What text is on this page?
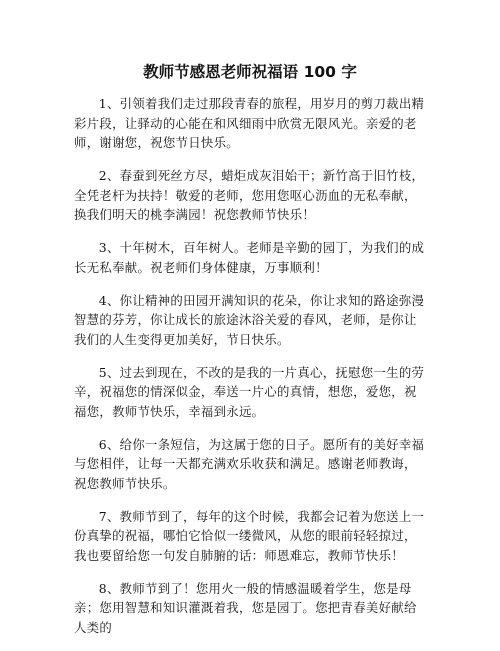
教师节感恩老师祝福语 100 字

1、引领着我们走过那段青春的旅程，用岁月的剪刀裁出精彩片段，让驿动的心能在和风细雨中欣赏无限风光。亲爱的老师，谢谢您，祝您节日快乐。

2、春蚕到死丝方尽，蜡炬成灰泪始干；新竹高于旧竹枝，全凭老杆为扶持！敬爱的老师，您用您呕心沥血的无私奉献，换我们明天的桃李满园！祝您教师节快乐！

3、十年树木，百年树人。老师是辛勤的园丁，为我们的成长无私奉献。祝老师们身体健康，万事顺利！

4、你让精神的田园开满知识的花朵，你让求知的路途弥漫智慧的芬芳，你让成长的旅途沐浴关爱的春风，老师，是你让我们的人生变得更加美好，节日快乐。

5、过去到现在，不改的是我的一片真心，抚慰您一生的劳辛，祝福您的情深似金，奉送一片心的真情，想您，爱您，祝福您，教师节快乐，幸福到永远。

6、给你一条短信，为这属于您的日子。愿所有的美好幸福与您相伴，让每一天都充满欢乐收获和满足。感谢老师教诲，祝您教师节快乐。

7、教师节到了，每年的这个时候，我都会记着为您送上一份真挚的祝福，哪怕它恰似一缕微风，从您的眼前轻轻掠过，我也要留给您一句发自肺腑的话：师恩难忘，教师节快乐！

8、教师节到了！您用火一般的情感温暖着学生，您是母亲；您用智慧和知识灌溉着我，您是园丁。您把青春美好献给人类的
